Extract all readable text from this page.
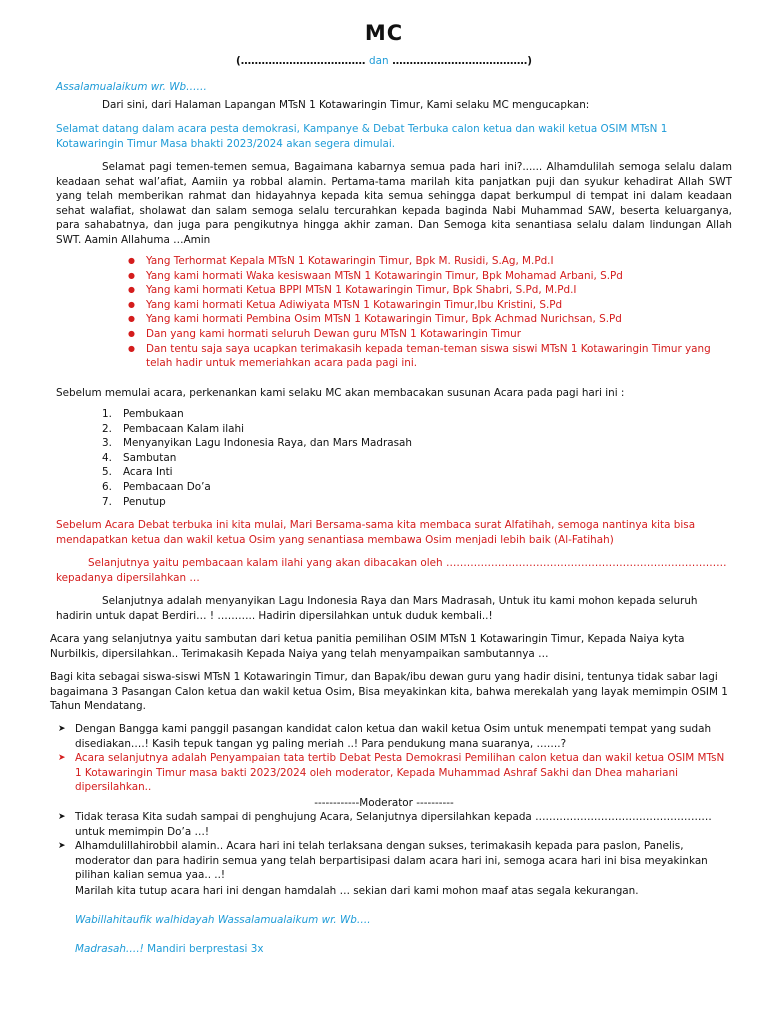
MC
(……………………………… dan …………………………………)

Assalamualaikum wr. Wb……

Dari sini, dari Halaman Lapangan MTsN 1 Kotawaringin Timur, Kami selaku MC mengucapkan:

Selamat datang dalam acara pesta demokrasi, Kampanye & Debat Terbuka calon ketua dan wakil ketua OSIM MTsN 1 Kotawaringin Timur Masa bhakti 2023/2024 akan segera dimulai.

Selamat pagi temen-temen semua, Bagaimana kabarnya semua pada hari ini?...... Alhamdulilah semoga selalu dalam keadaan sehat wal’afiat, Aamiin ya robbal alamin. Pertama-tama marilah kita panjatkan puji dan syukur kehadirat Allah SWT yang telah memberikan rahmat dan hidayahnya kepada kita semua sehingga dapat berkumpul di tempat ini dalam keadaan sehat walafiat, sholawat dan salam semoga selalu tercurahkan kepada baginda Nabi Muhammad SAW, beserta keluarganya, para sahabatnya, dan juga para pengikutnya hingga akhir zaman. Dan Semoga kita senantiasa selalu dalam lindungan Allah SWT. Aamin Allahuma …Amin

● Yang Terhormat Kepala MTsN 1 Kotawaringin Timur, Bpk M. Rusidi, S.Ag, M.Pd.I
● Yang kami hormati Waka kesiswaan MTsN 1 Kotawaringin Timur, Bpk Mohamad Arbani, S.Pd
● Yang kami hormati Ketua BPPI MTsN 1 Kotawaringin Timur, Bpk Shabri, S.Pd, M.Pd.I
● Yang kami hormati Ketua Adiwiyata MTsN 1 Kotawaringin Timur,Ibu Kristini, S.Pd
● Yang kami hormati Pembina Osim MTsN 1 Kotawaringin Timur, Bpk Achmad Nurichsan, S.Pd
● Dan yang kami hormati seluruh Dewan guru MTsN 1 Kotawaringin Timur
● Dan tentu saja saya ucapkan terimakasih kepada teman-teman siswa siswi MTsN 1 Kotawaringin Timur yang telah hadir untuk memeriahkan acara pada pagi ini.

Sebelum memulai acara, perkenankan kami selaku MC akan membacakan susunan Acara pada pagi hari ini :

1. Pembukaan
2. Pembacaan Kalam ilahi
3. Menyanyikan Lagu Indonesia Raya, dan Mars Madrasah
4. Sambutan
5. Acara Inti
6. Pembacaan Do’a
7. Penutup

Sebelum Acara Debat terbuka ini kita mulai, Mari Bersama-sama kita membaca surat Alfatihah, semoga nantinya kita bisa mendapatkan ketua dan wakil ketua Osim yang senantiasa membawa Osim menjadi lebih baik (Al-Fatihah)

Selanjutnya yaitu pembacaan kalam ilahi yang akan dibacakan oleh ……………………………………………………………………… kepadanya dipersilahkan …

Selanjutnya adalah menyanyikan Lagu Indonesia Raya dan Mars Madrasah, Untuk itu kami mohon kepada seluruh hadirin untuk dapat Berdiri… ! ……….. Hadirin dipersilahkan untuk duduk kembali..!

Acara yang selanjutnya yaitu sambutan dari ketua panitia pemilihan OSIM MTsN 1 Kotawaringin Timur, Kepada Naiya kyta Nurbilkis, dipersilahkan.. Terimakasih Kepada Naiya yang telah menyampaikan sambutannya …

Bagi kita sebagai siswa-siswi MTsN 1 Kotawaringin Timur, dan Bapak/ibu dewan guru yang hadir disini, tentunya tidak sabar lagi bagaimana 3 Pasangan Calon ketua dan wakil ketua Osim, Bisa meyakinkan kita, bahwa merekalah yang layak memimpin OSIM 1 Tahun Mendatang.

➤ Dengan Bangga kami panggil pasangan kandidat calon ketua dan wakil ketua Osim untuk menempati tempat yang sudah disediakan….! Kasih tepuk tangan yg paling meriah ..! Para pendukung mana suaranya, …….?
➤ Acara selanjutnya adalah Penyampaian tata tertib Debat Pesta Demokrasi Pemilihan calon ketua dan wakil ketua OSIM MTsN 1 Kotawaringin Timur masa bakti 2023/2024 oleh moderator, Kepada Muhammad Ashraf Sakhi dan Dhea mahariani dipersilahkan..

------------Moderator ----------

➤ Tidak terasa Kita sudah sampai di penghujung Acara, Selanjutnya dipersilahkan kepada …………………………………………… untuk memimpin Do’a …!
➤ Alhamdulillahirobbil alamin.. Acara hari ini telah terlaksana dengan sukses, terimakasih kepada para paslon, Panelis, moderator dan para hadirin semua yang telah berpartisipasi dalam acara hari ini, semoga acara hari ini bisa meyakinkan pilihan kalian semua yaa.. ..!

Marilah kita tutup acara hari ini dengan hamdalah … sekian dari kami mohon maaf atas segala kekurangan.

Wabillahitaufik walhidayah Wassalamualaikum wr. Wb….

Madrasah….! Mandiri berprestasi 3x
